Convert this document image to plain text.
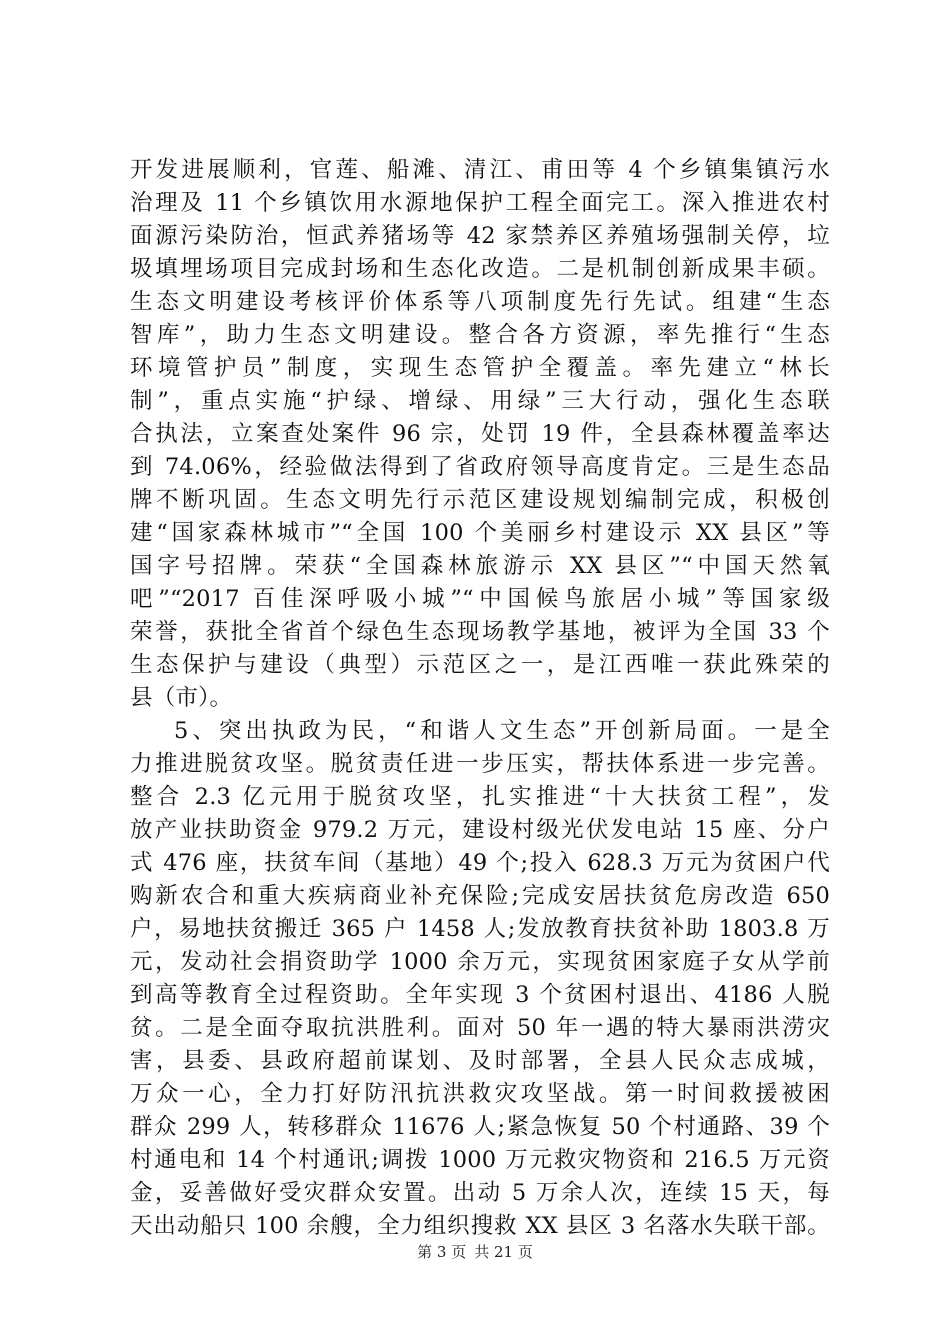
开发进展顺利，官莲、船滩、清江、甫田等 4 个乡镇集镇污水
治理及 11 个乡镇饮用水源地保护工程全面完工。深入推进农村
面源污染防治，恒武养猪场等 42 家禁养区养殖场强制关停，垃
圾填埋场项目完成封场和生态化改造。二是机制创新成果丰硕。
生态文明建设考核评价体系等八项制度先行先试。组建“生态
智库”，助力生态文明建设。整合各方资源，率先推行“生态
环境管护员”制度，实现生态管护全覆盖。率先建立“林长
制”，重点实施“护绿、增绿、用绿”三大行动，强化生态联
合执法，立案查处案件 96 宗，处罚 19 件，全县森林覆盖率达
到 74.06%，经验做法得到了省政府领导高度肯定。三是生态品
牌不断巩固。生态文明先行示范区建设规划编制完成，积极创
建“国家森林城市”“全国 100 个美丽乡村建设示 XX 县区”等
国字号招牌。荣获“全国森林旅游示 XX 县区”“中国天然氧
吧”“2017 百佳深呼吸小城”“中国候鸟旅居小城”等国家级
荣誉，获批全省首个绿色生态现场教学基地，被评为全国 33 个
生态保护与建设（典型）示范区之一，是江西唯一获此殊荣的
县（市）。
5、突出执政为民，“和谐人文生态”开创新局面。一是全
力推进脱贫攻坚。脱贫责任进一步压实，帮扶体系进一步完善。
整合 2.3 亿元用于脱贫攻坚，扎实推进“十大扶贫工程”，发
放产业扶助资金 979.2 万元，建设村级光伏发电站 15 座、分户
式 476 座，扶贫车间（基地）49 个;投入 628.3 万元为贫困户代
购新农合和重大疾病商业补充保险;完成安居扶贫危房改造 650
户，易地扶贫搬迁 365 户 1458 人;发放教育扶贫补助 1803.8 万
元，发动社会捐资助学 1000 余万元，实现贫困家庭子女从学前
到高等教育全过程资助。全年实现 3 个贫困村退出、4186 人脱
贫。二是全面夺取抗洪胜利。面对 50 年一遇的特大暴雨洪涝灾
害，县委、县政府超前谋划、及时部署，全县人民众志成城，
万众一心，全力打好防汛抗洪救灾攻坚战。第一时间救援被困
群众 299 人，转移群众 11676 人;紧急恢复 50 个村通路、39 个
村通电和 14 个村通讯;调拨 1000 万元救灾物资和 216.5 万元资
金，妥善做好受灾群众安置。出动 5 万余人次，连续 15 天，每
天出动船只 100 余艘，全力组织搜救 XX 县区 3 名落水失联干部。
第 3 页 共 21 页
